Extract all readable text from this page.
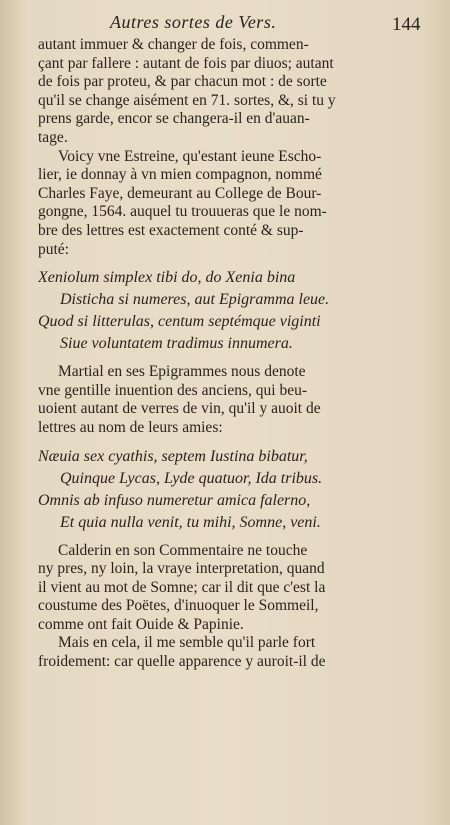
Autres sortes de Vers.	144
autant immuer & changer de fois, commen-
çant par fallere : autant de fois par diuos; autant
de fois par proteu, & par chacun mot : de sorte
qu'il se change aisément en 71. sortes, &, si tu y
prens garde, encor se changera-il en d'auan-
tage.
Voicy vne Estreine, qu'estant ieune Escho-
lier, ie donnay à vn mien compagnon, nommé
Charles Faye, demeurant au College de Bour-
gongne, 1564. auquel tu trouueras que le nom-
bre des lettres est exactement conté & sup-
puté:
Xeniolum simplex tibi do, do Xenia bina
Disticha si numeres, aut Epigramma leue.
Quod si litterulas, centum septémque viginti
Siue voluntatem tradimus innumera.
Martial en ses Epigrammes nous denote
vne gentille inuention des anciens, qui beu-
uoient autant de verres de vin, qu'il y auoit de
lettres au nom de leurs amies:
Næuia sex cyathis, septem Iustina bibatur,
Quinque Lycas, Lyde quatuor, Ida tribus.
Omnis ab infuso numeretur amica falerno,
Et quia nulla venit, tu mihi, Somne, veni.
Calderin en son Commentaire ne touche
ny pres, ny loin, la vraye interpretation, quand
il vient au mot de Somne; car il dit que c'est la
coustume des Poëtes, d'inuoquer le Sommeil,
comme ont fait Ouide & Papinie.
Mais en cela, il me semble qu'il parle fort
froidement: car quelle apparence y auroit-il de
